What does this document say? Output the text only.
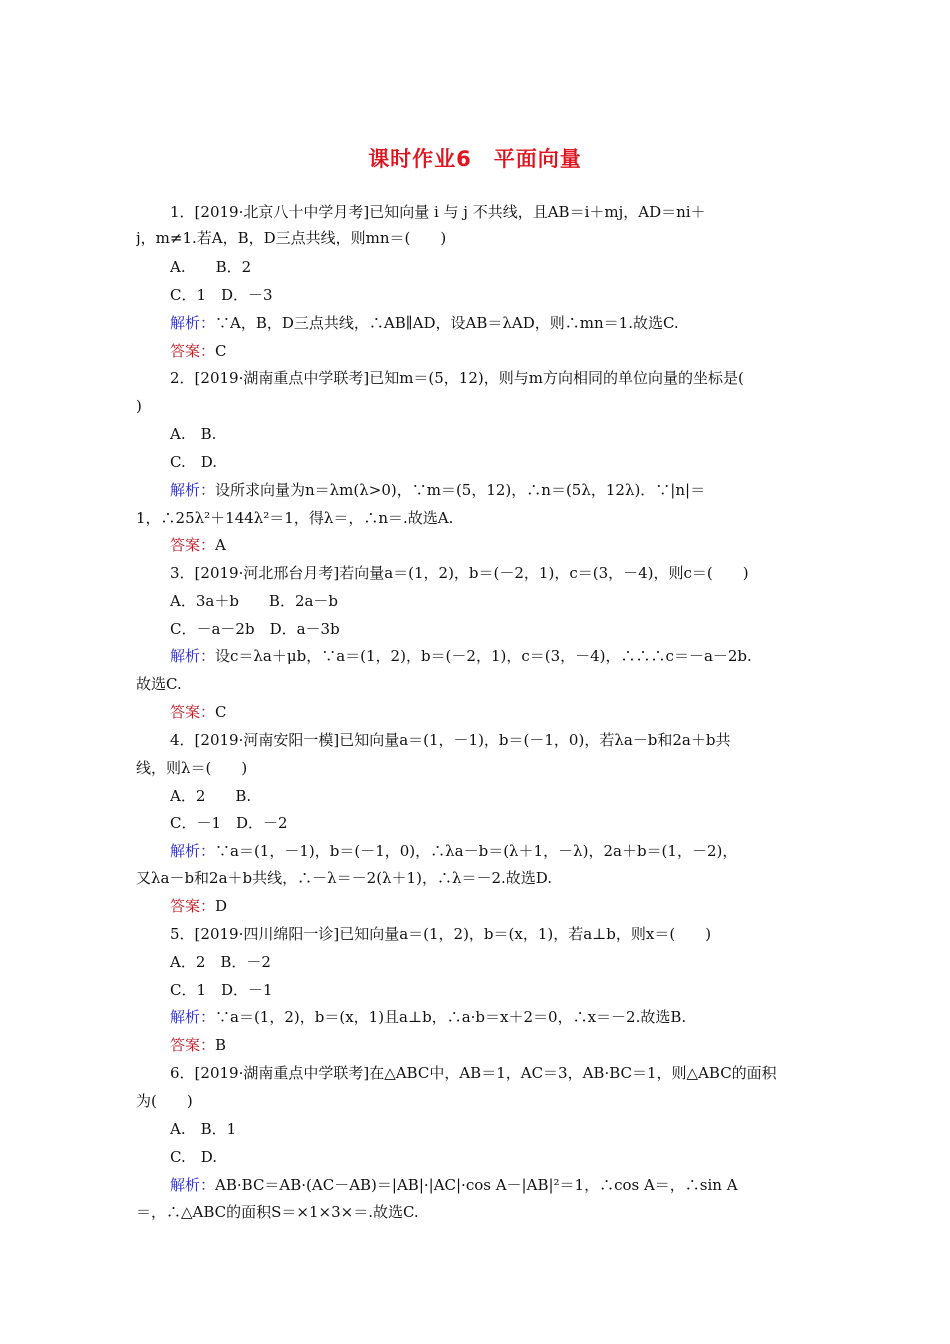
课时作业6　平面向量
1．[2019·北京八十中学月考]已知向量 i 与 j 不共线，且AB＝i＋mj，AD＝ni＋
j，m≠1.若A，B，D三点共线，则mn＝(　　)
A.　　B．2
C．1　D．－3
解析：∵A，B，D三点共线，∴AB∥AD，设AB＝λAD，则∴mn＝1.故选C.
答案：C
2．[2019·湖南重点中学联考]已知m＝(5，12)，则与m方向相同的单位向量的坐标是(
)
A.　B.
C.　D.
解析：设所求向量为n＝λm(λ>0)，∵m＝(5，12)，∴n＝(5λ，12λ)．∵|n|＝
1，∴25λ²＋144λ²＝1，得λ＝，∴n＝.故选A.
答案：A
3．[2019·河北邢台月考]若向量a＝(1，2)，b＝(－2，1)，c＝(3，－4)，则c＝(　　)
A．3a＋b　　B．2a－b
C．－a－2b　D．a－3b
解析：设c＝λa＋μb，∵a＝(1，2)，b＝(－2，1)，c＝(3，－4)，∴∴∴c＝－a－2b.
故选C.
答案：C
4．[2019·河南安阳一模]已知向量a＝(1，－1)，b＝(－1，0)，若λa－b和2a＋b共
线，则λ＝(　　)
A．2　　B.
C．－1　D．－2
解析：∵a＝(1，－1)，b＝(－1，0)，∴λa－b＝(λ＋1，－λ)，2a＋b＝(1，－2)，
又λa－b和2a＋b共线，∴－λ＝－2(λ＋1)，∴λ＝－2.故选D.
答案：D
5．[2019·四川绵阳一诊]已知向量a＝(1，2)，b＝(x，1)，若a⊥b，则x＝(　　)
A．2　B．－2
C．1　D．－1
解析：∵a＝(1，2)，b＝(x，1)且a⊥b，∴a·b＝x＋2＝0，∴x＝－2.故选B.
答案：B
6．[2019·湖南重点中学联考]在△ABC中，AB＝1，AC＝3，AB·BC＝1，则△ABC的面积
为(　　)
A.　B．1
C.　D.
解析：AB·BC＝AB·(AC－AB)＝|AB|·|AC|·cos A－|AB|²＝1，∴cos A＝，∴sin A
＝，∴△ABC的面积S＝×1×3×＝.故选C.
